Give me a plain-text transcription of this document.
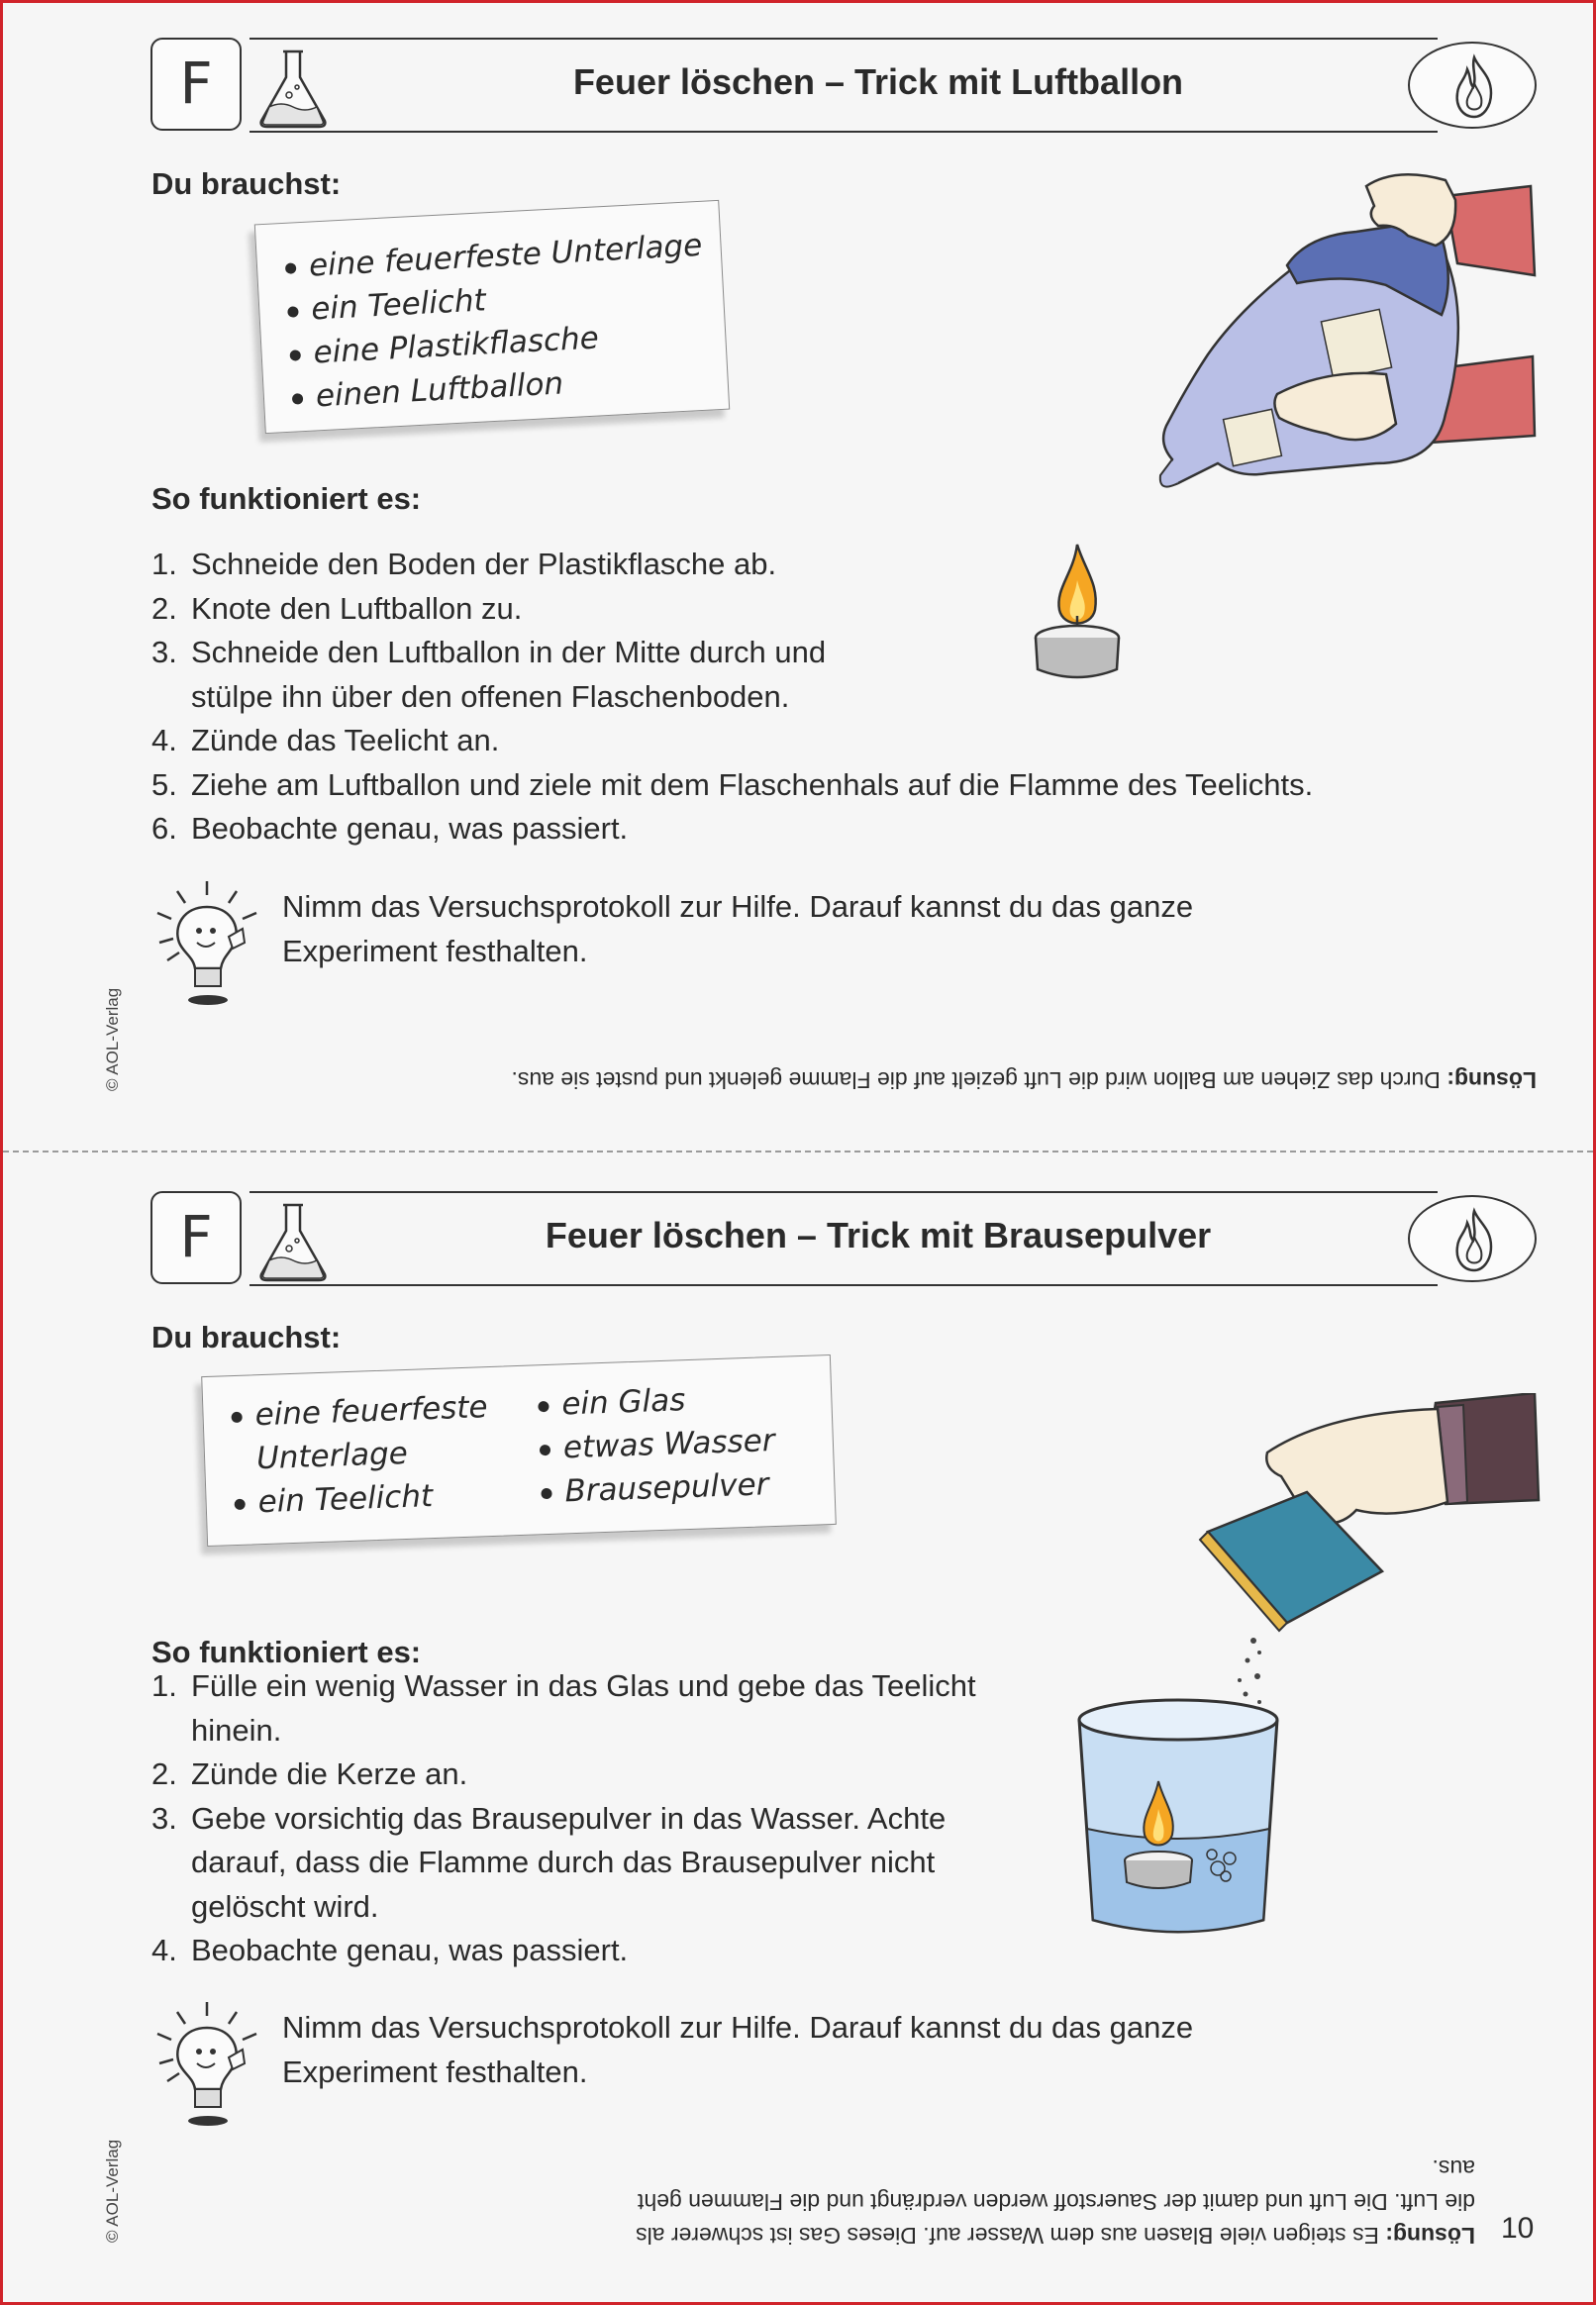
Feuer löschen – Trick mit Luftballon
F
Du brauchst:
eine feuerfeste Unterlage
ein Teelicht
eine Plastikflasche
einen Luftballon
So funktioniert es:
1. Schneide den Boden der Plastikflasche ab.
2. Knote den Luftballon zu.
3. Schneide den Luftballon in der Mitte durch und stülpe ihn über den offenen Flaschenboden.
4. Zünde das Teelicht an.
5. Ziehe am Luftballon und ziele mit dem Flaschenhals auf die Flamme des Teelichts.
6. Beobachte genau, was passiert.

Nimm das Versuchsprotokoll zur Hilfe. Darauf kannst du das ganze Experiment festhalten.

© AOL-Verlag	Lösung: Durch das Ziehen am Ballon wird die Luft gezielt auf die Flamme gelenkt und pustet sie aus.
Feuer löschen – Trick mit Brausepulver
F
Du brauchst:
eine feuerfeste Unterlage
ein Teelicht
ein Glas
etwas Wasser
Brausepulver
So funktioniert es:
1. Fülle ein wenig Wasser in das Glas und gebe das Teelicht hinein.
2. Zünde die Kerze an.
3. Gebe vorsichtig das Brausepulver in das Wasser. Achte darauf, dass die Flamme durch das Brausepulver nicht gelöscht wird.
4. Beobachte genau, was passiert.

Nimm das Versuchsprotokoll zur Hilfe. Darauf kannst du das ganze Experiment festhalten.

© AOL-Verlag	Lösung: Es steigen viele Blasen aus dem Wasser auf. Dieses Gas ist schwerer als die Luft. Die Luft und damit der Sauerstoff werden verdrängt und die Flammen geht aus.
10
